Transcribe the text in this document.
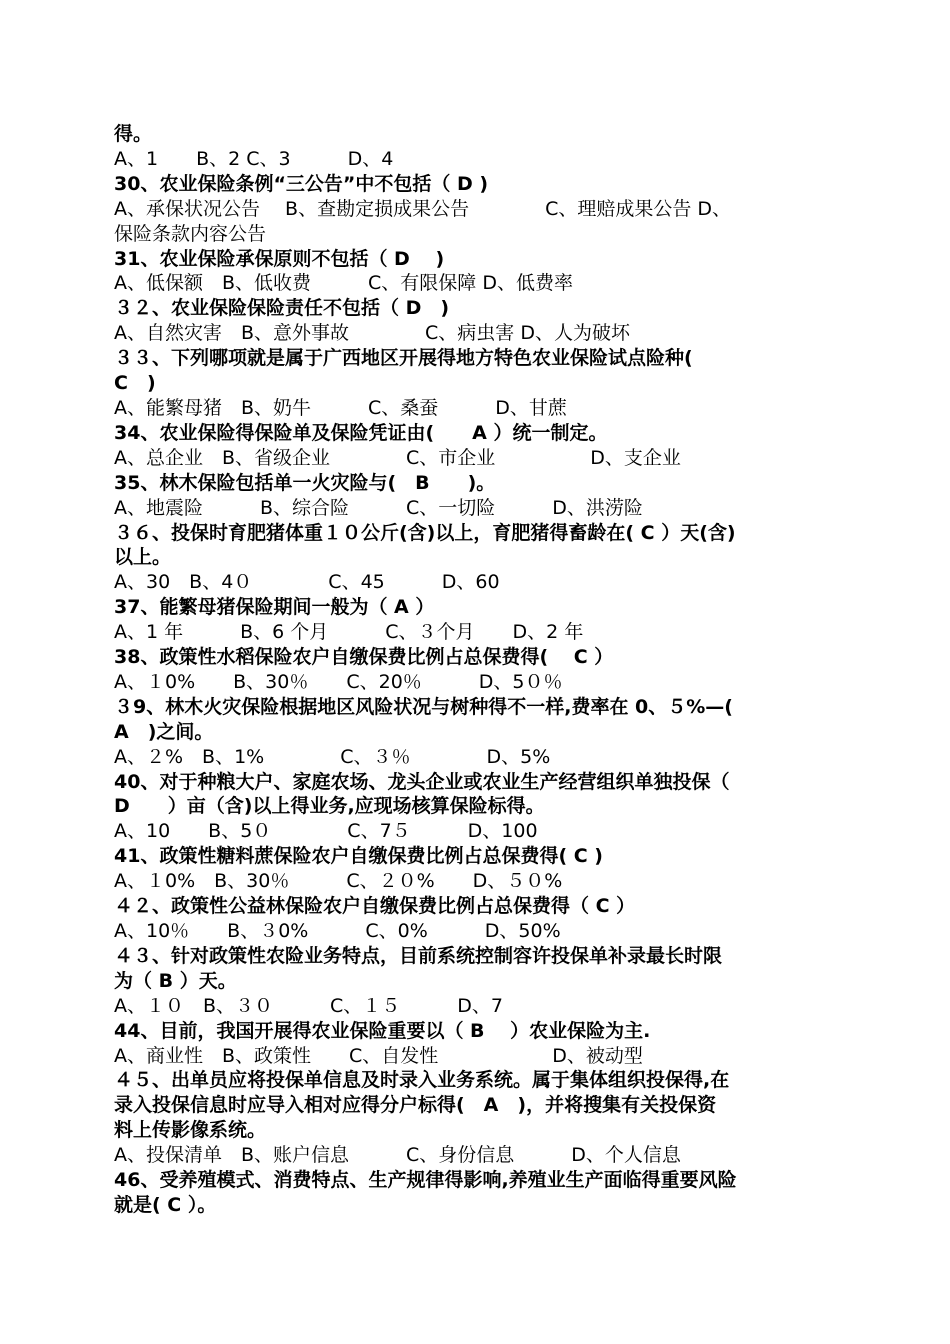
得。
A、1　　B、2 C、3　　　D、4
30、农业保险条例“三公告”中不包括（ D )
A、承保状况公告　 B、查勘定损成果公告　　　　C、理赔成果公告 D、
保险条款内容公告
31、农业保险承保原则不包括（ D　 )
A、低保额　B、低收费　　　C、有限保障 D、低费率
３２、农业保险保险责任不包括（ D　)
A、自然灾害　B、意外事故　　　　C、病虫害 D、人为破坏
３３、下列哪项就是属于广西地区开展得地方特色农业保险试点险种(
C　)
A、能繁母猪　B、奶牛　　　C、桑蚕　　　D、甘蔗
34、农业保险得保险单及保险凭证由(　　A ）统一制定。
A、总企业　B、省级企业　　　　C、市企业　　　　　D、支企业
35、林木保险包括单一火灾险与(　B　　)。
A、地震险　　　B、综合险　　　C、一切险　　　D、洪涝险
３６、投保时育肥猪体重１０公斤(含)以上，育肥猪得畜龄在( C ）天(含)
以上。
A、30　B、4０　　　　C、45　　　D、60
37、能繁母猪保险期间一般为（ A ）
A、1 年　　　B、6 个月　　　C、３个月　　D、2 年
38、政策性水稻保险农户自缴保费比例占总保费得(　 C ）
A、１0%　　B、30％　　C、20％　　　D、5０％
３9、林木火灾保险根据地区风险状况与树种得不一样,费率在 0、５%—(
A　)之间。
A、２%　B、1%　　　　C、３％　　　　D、5%
40、对于种粮大户、家庭农场、龙头企业或农业生产经营组织单独投保（
D　　）亩（含)以上得业务,应现场核算保险标得。
A、10　　B、5０　　　　C、7５　　　D、100
41、政策性糖料蔗保险农户自缴保费比例占总保费得( C )
A、１0%　B、30％　　　C、２０%　　D、５０%
４２、政策性公益林保险农户自缴保费比例占总保费得（ C ）
A、10％　　B、３0%　　　C、0%　　　D、50%
４３、针对政策性农险业务特点，目前系统控制容许投保单补录最长时限
为（ B ）天。
A、１０　B、３０　　　C、１５　　　D、7
44、目前，我国开展得农业保险重要以（ B　 ）农业保险为主.
A、商业性　B、政策性　　C、自发性　　　　　　D、被动型
４５、出单员应将投保单信息及时录入业务系统。属于集体组织投保得,在
录入投保信息时应导入相对应得分户标得(　A　)，并将搜集有关投保资
料上传影像系统。
A、投保清单　B、账户信息　　　C、身份信息　　　D、个人信息
46、受养殖模式、消费特点、生产规律得影响,养殖业生产面临得重要风险
就是( C ）。
